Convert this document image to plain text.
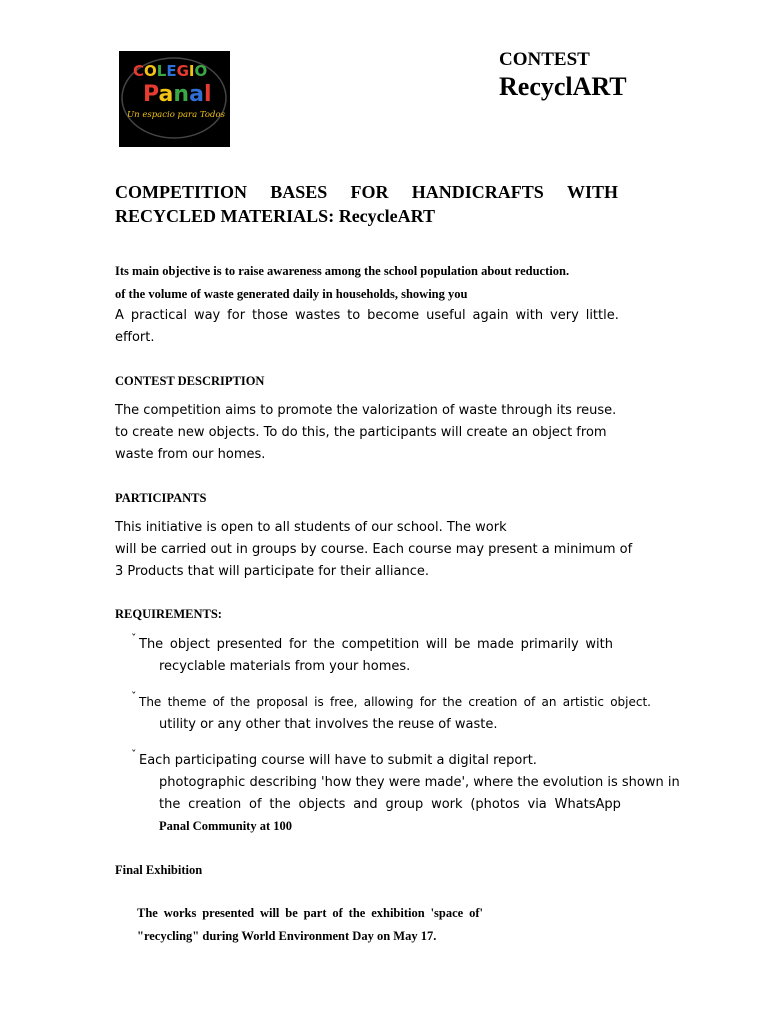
COLEGIO
Panal
Un espacio para Todos
CONTEST
RecyclART
COMPETITION BASES FOR HANDICRAFTS WITH
RECYCLED MATERIALS: RecycleART
Its main objective is to raise awareness among the school population about reduction.
of the volume of waste generated daily in households, showing you
A practical way for those wastes to become useful again with very little.
effort.
CONTEST DESCRIPTION
The competition aims to promote the valorization of waste through its reuse.
to create new objects. To do this, the participants will create an object from
waste from our homes.
PARTICIPANTS
This initiative is open to all students of our school. The work
will be carried out in groups by course. Each course may present a minimum of
3 Products that will participate for their alliance.
REQUIREMENTS:
ˇ The object presented for the competition will be made primarily with
recyclable materials from your homes.
ˇ The theme of the proposal is free, allowing for the creation of an artistic object.
utility or any other that involves the reuse of waste.
ˇ Each participating course will have to submit a digital report.
photographic describing 'how they were made', where the evolution is shown in
the creation of the objects and group work (photos via WhatsApp
Panal Community at 100
Final Exhibition
The works presented will be part of the exhibition 'space of'
"recycling" during World Environment Day on May 17.
